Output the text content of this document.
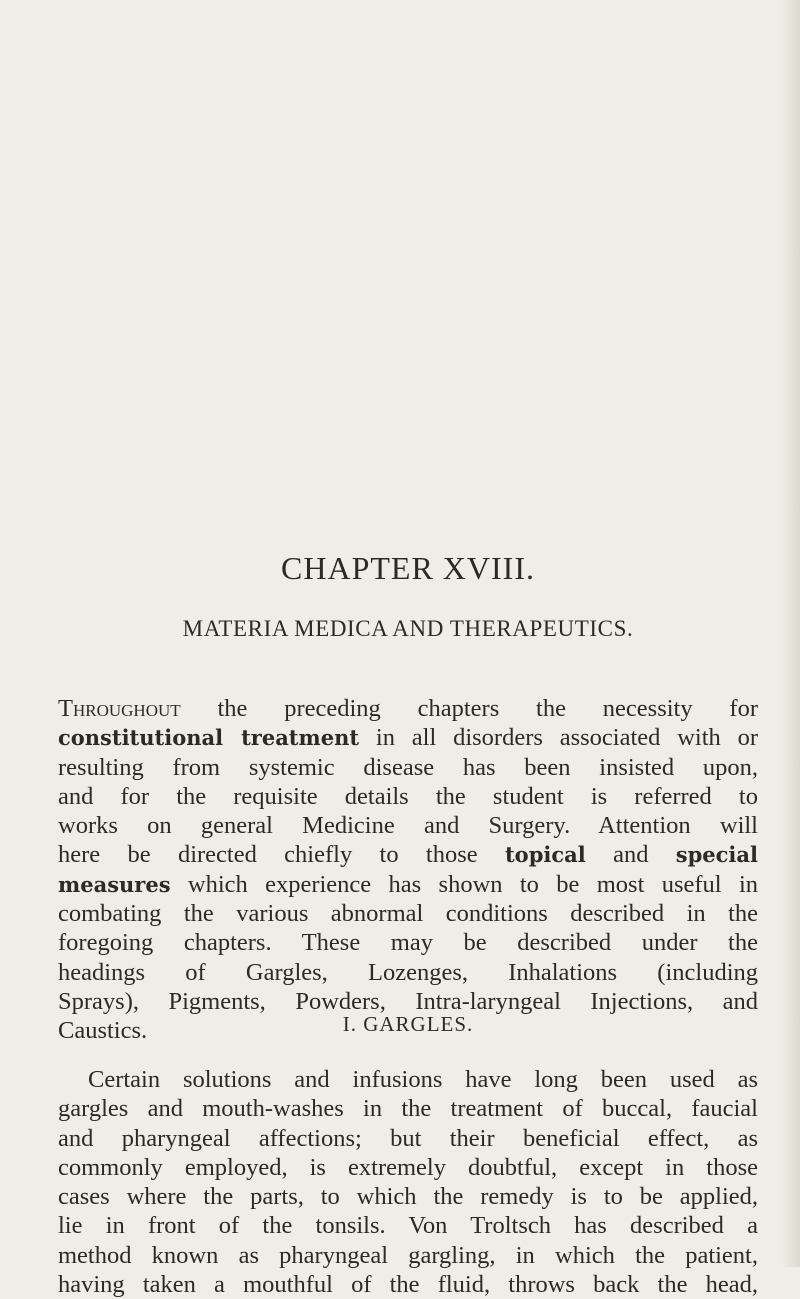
CHAPTER XVIII.
MATERIA MEDICA AND THERAPEUTICS.

Throughout the preceding chapters the necessity for
constitutional treatment in all disorders associated with or
resulting from systemic disease has been insisted upon,
and for the requisite details the student is referred to
works on general Medicine and Surgery. Attention will
here be directed chiefly to those topical and special
measures which experience has shown to be most useful in
combating the various abnormal conditions described in the
foregoing chapters. These may be described under the
headings of Gargles, Lozenges, Inhalations (including
Sprays), Pigments, Powders, Intra-laryngeal Injections, and
Caustics.	I. GARGLES.

Certain solutions and infusions have long been used as
gargles and mouth-washes in the treatment of buccal, faucial
and pharyngeal affections; but their beneficial effect, as
commonly employed, is extremely doubtful, except in those
cases where the parts, to which the remedy is to be applied,
lie in front of the tonsils. Von Troltsch has described a
method known as pharyngeal gargling, in which the patient,
having taken a mouthful of the fluid, throws back the head,
